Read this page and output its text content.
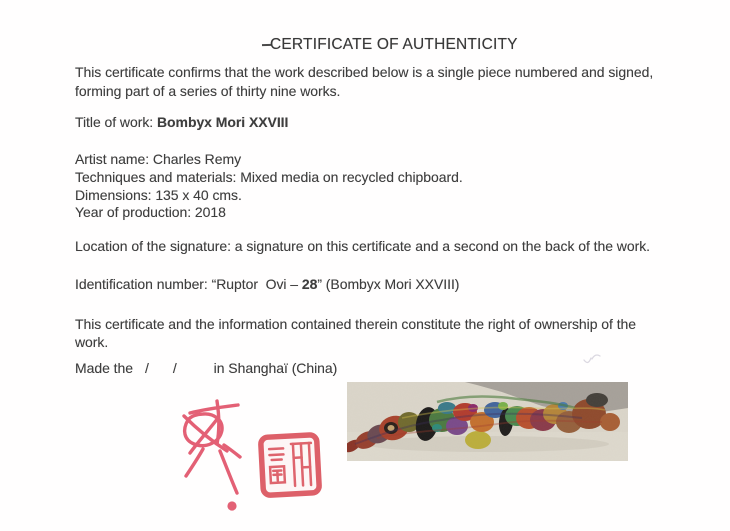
CERTIFICATE OF AUTHENTICITY
This certificate confirms that the work described below is a single piece numbered and signed,
forming part of a series of thirty nine works.
Title of work: Bombyx Mori XXVIII
Artist name: Charles Remy
Techniques and materials: Mixed media on recycled chipboard.
Dimensions: 135 x 40 cms.
Year of production: 2018
Location of the signature: a signature on this certificate and a second on the back of the work.
Identification number: “Ruptor  Ovi – 28” (Bombyx Mori XXVIII)
This certificate and the information contained therein constitute the right of ownership of the
work.
Made the / /	in Shanghaï (China)
